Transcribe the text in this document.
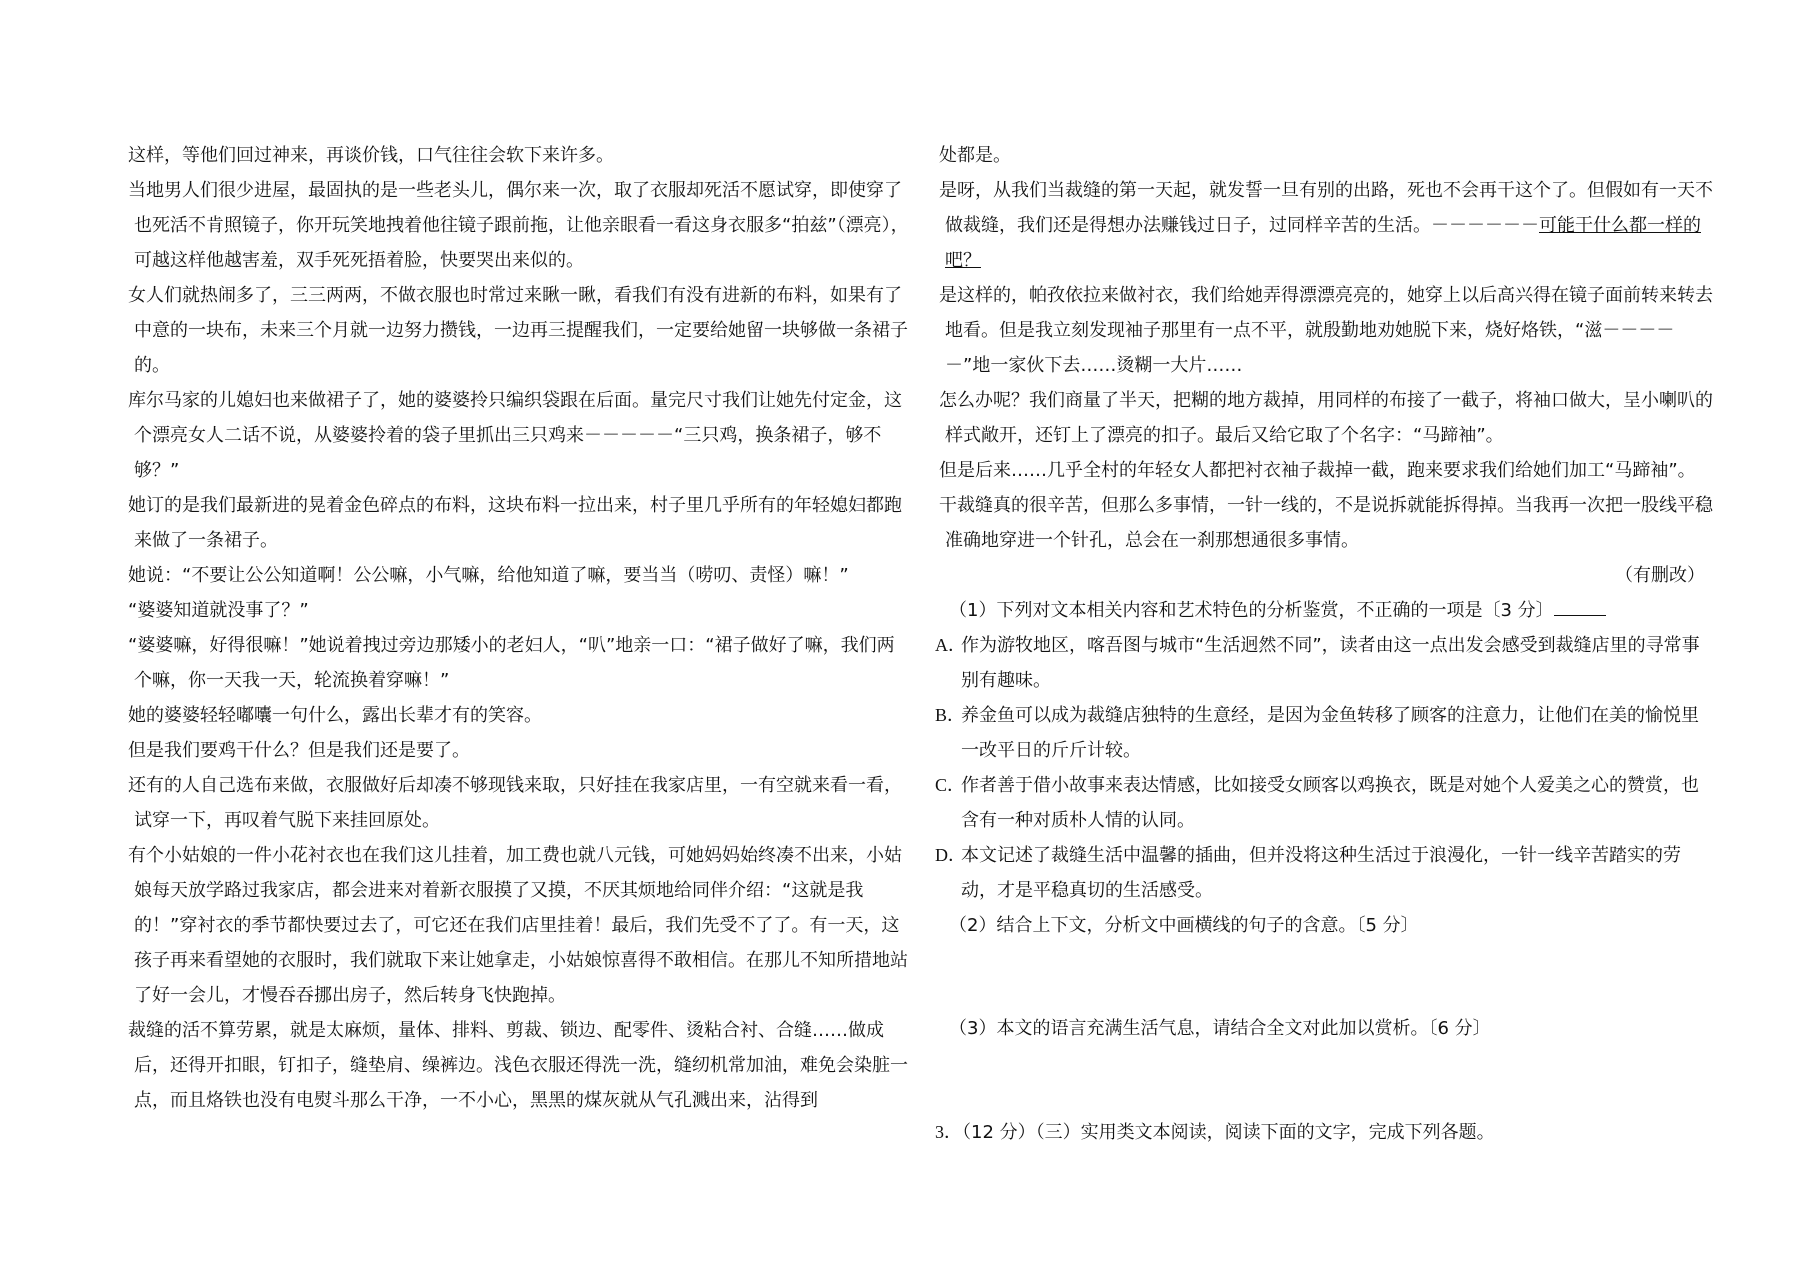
这样，等他们回过神来，再谈价钱，口气往往会软下来许多。

当地男人们很少进屋，最固执的是一些老头儿，偶尔来一次，取了衣服却死活不愿试穿，即使穿了也死活不肯照镜子，你开玩笑地拽着他往镜子跟前拖，让他亲眼看一看这身衣服多“拍兹”（漂亮），可越这样他越害羞，双手死死捂着脸，快要哭出来似的。

女人们就热闹多了，三三两两，不做衣服也时常过来瞅一瞅，看我们有没有进新的布料，如果有了中意的一块布，未来三个月就一边努力攒钱，一边再三提醒我们，一定要给她留一块够做一条裙子的。

库尔马家的儿媳妇也来做裙子了，她的婆婆拎只编织袋跟在后面。量完尺寸我们让她先付定金，这个漂亮女人二话不说，从婆婆拎着的袋子里抓出三只鸡来－－－－－“三只鸡，换条裙子，够不够？”

她订的是我们最新进的晃着金色碎点的布料，这块布料一拉出来，村子里几乎所有的年轻媳妇都跑来做了一条裙子。

她说：“不要让公公知道啊！公公嘛，小气嘛，给他知道了嘛，要当当（唠叨、责怪）嘛！”

“婆婆知道就没事了？”

“婆婆嘛，好得很嘛！”她说着拽过旁边那矮小的老妇人，“叭”地亲一口：“裙子做好了嘛，我们两个嘛，你一天我一天，轮流换着穿嘛！”

她的婆婆轻轻嘟囔一句什么，露出长辈才有的笑容。

但是我们要鸡干什么？但是我们还是要了。

还有的人自己选布来做，衣服做好后却凑不够现钱来取，只好挂在我家店里，一有空就来看一看，试穿一下，再叹着气脱下来挂回原处。

有个小姑娘的一件小花衬衣也在我们这儿挂着，加工费也就八元钱，可她妈妈始终凑不出来，小姑娘每天放学路过我家店，都会进来对着新衣服摸了又摸，不厌其烦地给同伴介绍：“这就是我的！”穿衬衣的季节都快要过去了，可它还在我们店里挂着！最后，我们先受不了了。有一天，这孩子再来看望她的衣服时，我们就取下来让她拿走，小姑娘惊喜得不敢相信。在那儿不知所措地站了好一会儿，才慢吞吞挪出房子，然后转身飞快跑掉。

裁缝的活不算劳累，就是太麻烦，量体、排料、剪裁、锁边、配零件、烫粘合衬、合缝……做成后，还得开扣眼，钉扣子，缝垫肩、缲裤边。浅色衣服还得洗一洗，缝纫机常加油，难免会染脏一点，而且烙铁也没有电熨斗那么干净，一不小心，黑黑的煤灰就从气孔溅出来，沾得到

处都是。

是呀，从我们当裁缝的第一天起，就发誓一旦有别的出路，死也不会再干这个了。但假如有一天不做裁缝，我们还是得想办法赚钱过日子，过同样辛苦的生活。－－－－－－可能干什么都一样的吧？

是这样的，帕孜依拉来做衬衣，我们给她弄得漂漂亮亮的，她穿上以后高兴得在镜子面前转来转去地看。但是我立刻发现袖子那里有一点不平，就殷勤地劝她脱下来，烧好烙铁，“滋－－－－－”地一家伙下去……烫糊一大片……

怎么办呢？我们商量了半天，把糊的地方裁掉，用同样的布接了一截子，将袖口做大，呈小喇叭的样式敞开，还钉上了漂亮的扣子。最后又给它取了个名字：“马蹄袖”。

但是后来……几乎全村的年轻女人都把衬衣袖子裁掉一截，跑来要求我们给她们加工“马蹄袖”。

干裁缝真的很辛苦，但那么多事情，一针一线的，不是说拆就能拆得掉。当我再一次把一股线平稳准确地穿进一个针孔，总会在一刹那想通很多事情。

（有删改）

（1）下列对文本相关内容和艺术特色的分析鉴赏，不正确的一项是〔3 分〕

A．作为游牧地区，喀吾图与城市“生活迥然不同”，读者由这一点出发会感受到裁缝店里的寻常事别有趣味。

B．养金鱼可以成为裁缝店独特的生意经，是因为金鱼转移了顾客的注意力，让他们在美的愉悦里一改平日的斤斤计较。

C．作者善于借小故事来表达情感，比如接受女顾客以鸡换衣，既是对她个人爱美之心的赞赏，也含有一种对质朴人情的认同。

D．本文记述了裁缝生活中温馨的插曲，但并没将这种生活过于浪漫化，一针一线辛苦踏实的劳动，才是平稳真切的生活感受。

（2）结合上下文，分析文中画横线的句子的含意。〔5 分〕

（3）本文的语言充满生活气息，请结合全文对此加以赏析。〔6 分〕

3．（12 分）（三）实用类文本阅读，阅读下面的文字，完成下列各题。
